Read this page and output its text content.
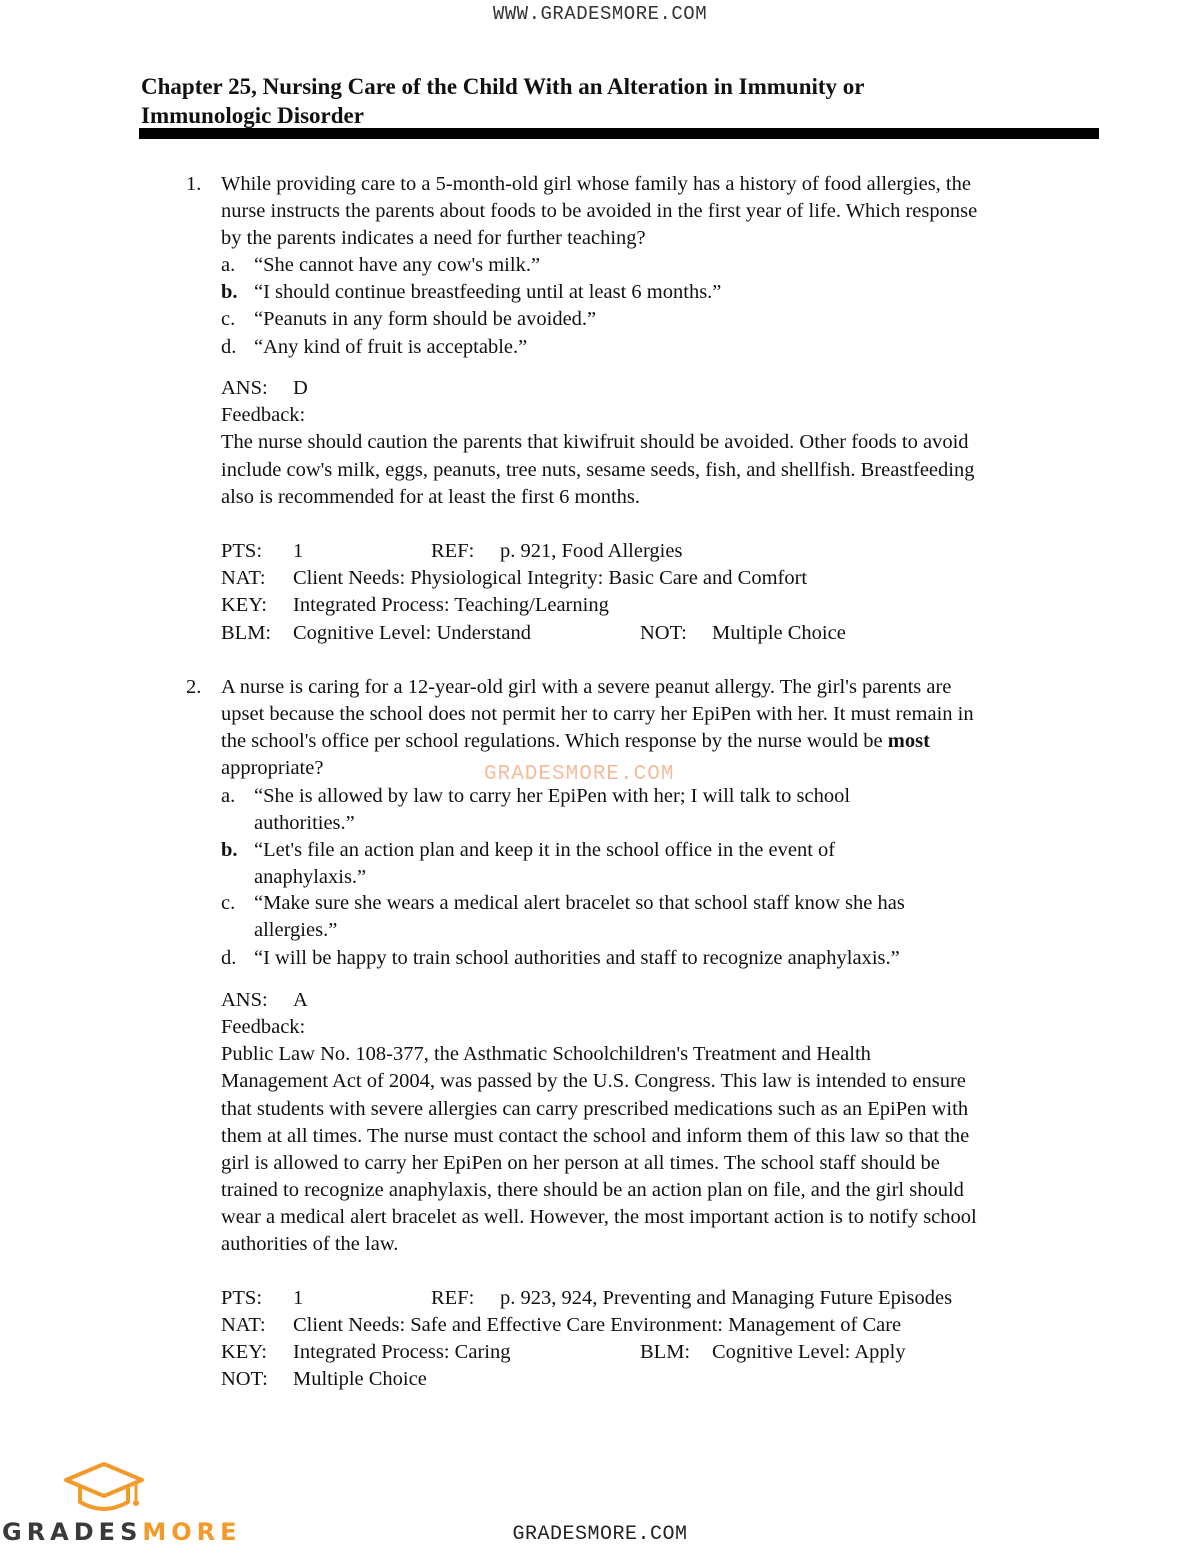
WWW.GRADESMORE.COM
Chapter 25, Nursing Care of the Child With an Alteration in Immunity or
Immunologic Disorder
1. While providing care to a 5-month-old girl whose family has a history of food allergies, the
nurse instructs the parents about foods to be avoided in the first year of life. Which response
by the parents indicates a need for further teaching?
a. “She cannot have any cow's milk.”
b. “I should continue breastfeeding until at least 6 months.”
c. “Peanuts in any form should be avoided.”
d. “Any kind of fruit is acceptable.”
ANS: D
Feedback:
The nurse should caution the parents that kiwifruit should be avoided. Other foods to avoid
include cow's milk, eggs, peanuts, tree nuts, sesame seeds, fish, and shellfish. Breastfeeding
also is recommended for at least the first 6 months.
PTS: 1	REF: p. 921, Food Allergies
NAT: Client Needs: Physiological Integrity: Basic Care and Comfort
KEY: Integrated Process: Teaching/Learning
BLM: Cognitive Level: Understand	NOT: Multiple Choice
2. A nurse is caring for a 12-year-old girl with a severe peanut allergy. The girl's parents are
upset because the school does not permit her to carry her EpiPen with her. It must remain in
the school's office per school regulations. Which response by the nurse would be most
appropriate?
a. “She is allowed by law to carry her EpiPen with her; I will talk to school
authorities.”
b. “Let's file an action plan and keep it in the school office in the event of
anaphylaxis.”
c. “Make sure she wears a medical alert bracelet so that school staff know she has
allergies.”
d. “I will be happy to train school authorities and staff to recognize anaphylaxis.”
ANS: A
Feedback:
Public Law No. 108-377, the Asthmatic Schoolchildren's Treatment and Health
Management Act of 2004, was passed by the U.S. Congress. This law is intended to ensure
that students with severe allergies can carry prescribed medications such as an EpiPen with
them at all times. The nurse must contact the school and inform them of this law so that the
girl is allowed to carry her EpiPen on her person at all times. The school staff should be
trained to recognize anaphylaxis, there should be an action plan on file, and the girl should
wear a medical alert bracelet as well. However, the most important action is to notify school
authorities of the law.
PTS: 1	REF: p. 923, 924, Preventing and Managing Future Episodes
NAT: Client Needs: Safe and Effective Care Environment: Management of Care
KEY: Integrated Process: Caring	BLM: Cognitive Level: Apply
NOT: Multiple Choice
GRADESMORE.COM
GRADESMORE	GRADESMORE.COM
